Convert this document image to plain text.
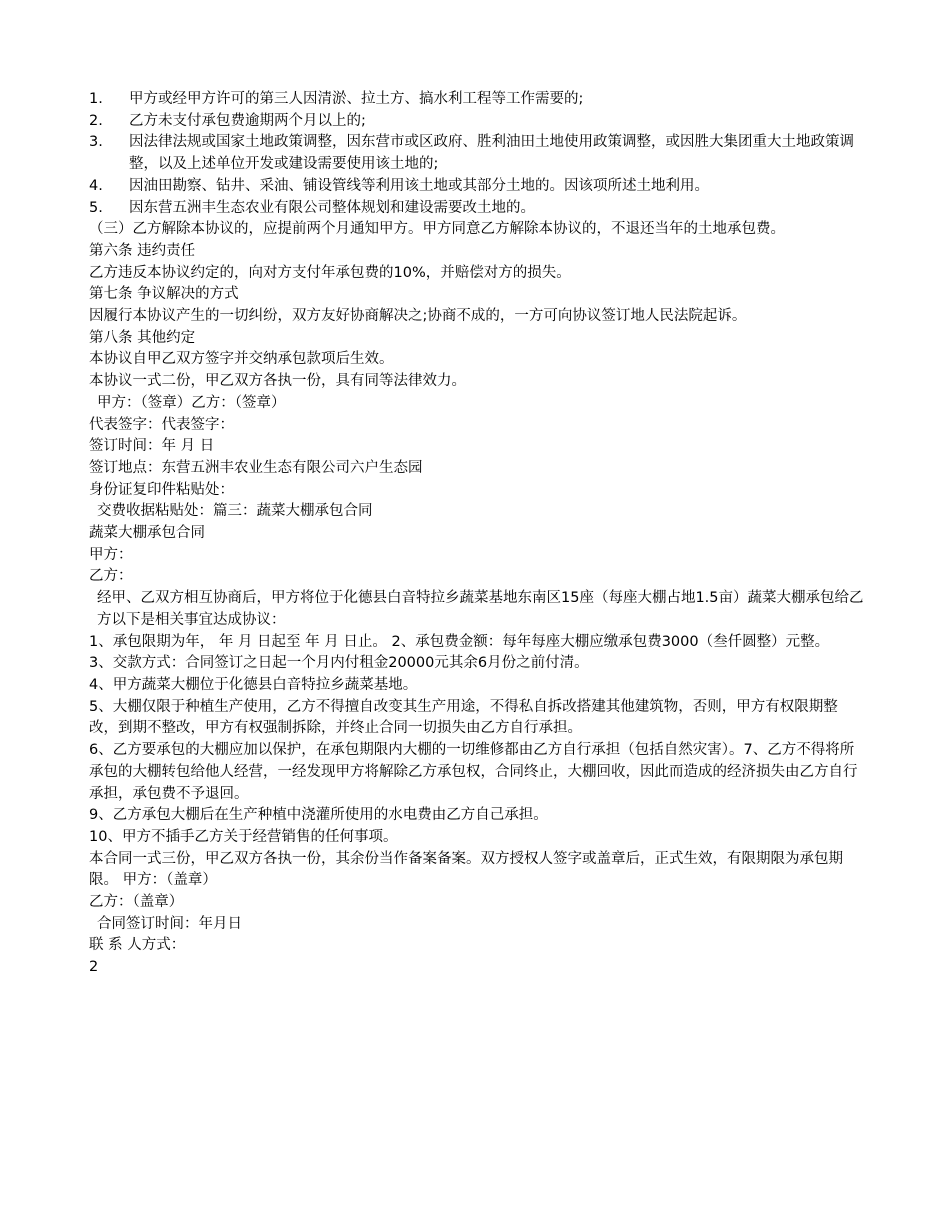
1.	甲方或经甲方许可的第三人因清淤、拉土方、搞水利工程等工作需要的;
2.	乙方未支付承包费逾期两个月以上的;
3.	因法律法规或国家土地政策调整，因东营市或区政府、胜利油田土地使用政策调整，或因胜大集团重大土地政策调整，以及上述单位开发或建设需要使用该土地的;
4.	因油田勘察、钻井、采油、铺设管线等利用该土地或其部分土地的。因该项所述土地利用。
5.	因东营五洲丰生态农业有限公司整体规划和建设需要改土地的。
（三）乙方解除本协议的，应提前两个月通知甲方。甲方同意乙方解除本协议的，不退还当年的土地承包费。
第六条 违约责任
乙方违反本协议约定的，向对方支付年承包费的10%，并赔偿对方的损失。
第七条 争议解决的方式
因履行本协议产生的一切纠纷，双方友好协商解决之;协商不成的，一方可向协议签订地人民法院起诉。
第八条 其他约定
本协议自甲乙双方签字并交纳承包款项后生效。
本协议一式二份，甲乙双方各执一份，具有同等法律效力。
甲方：（签章）乙方：（签章）
代表签字：代表签字：
签订时间：年 月 日
签订地点：东营五洲丰农业生态有限公司六户生态园
身份证复印件粘贴处：
交费收据粘贴处：篇三：蔬菜大棚承包合同
蔬菜大棚承包合同
甲方：
乙方：
经甲、乙双方相互协商后，甲方将位于化德县白音特拉乡蔬菜基地东南区15座（每座大棚占地1.5亩）蔬菜大棚承包给乙方以下是相关事宜达成协议：
1、承包限期为年， 年 月 日起至 年 月 日止。 2、承包费金额：每年每座大棚应缴承包费3000（叁仟圆整）元整。
3、交款方式：合同签订之日起一个月内付租金20000元其余6月份之前付清。
4、甲方蔬菜大棚位于化德县白音特拉乡蔬菜基地。
5、大棚仅限于种植生产使用，乙方不得擅自改变其生产用途，不得私自拆改搭建其他建筑物，否则，甲方有权限期整改，到期不整改，甲方有权强制拆除，并终止合同一切损失由乙方自行承担。
6、乙方要承包的大棚应加以保护，在承包期限内大棚的一切维修都由乙方自行承担（包括自然灾害）。7、乙方不得将所承包的大棚转包给他人经营，一经发现甲方将解除乙方承包权，合同终止，大棚回收，因此而造成的经济损失由乙方自行承担，承包费不予退回。
9、乙方承包大棚后在生产种植中浇灌所使用的水电费由乙方自己承担。
10、甲方不插手乙方关于经营销售的任何事项。
本合同一式三份，甲乙双方各执一份，其余份当作备案备案。双方授权人签字或盖章后，正式生效，有限期限为承包期限。 甲方：（盖章）
乙方：（盖章）
合同签订时间：年月日
联 系 人方式：
2
